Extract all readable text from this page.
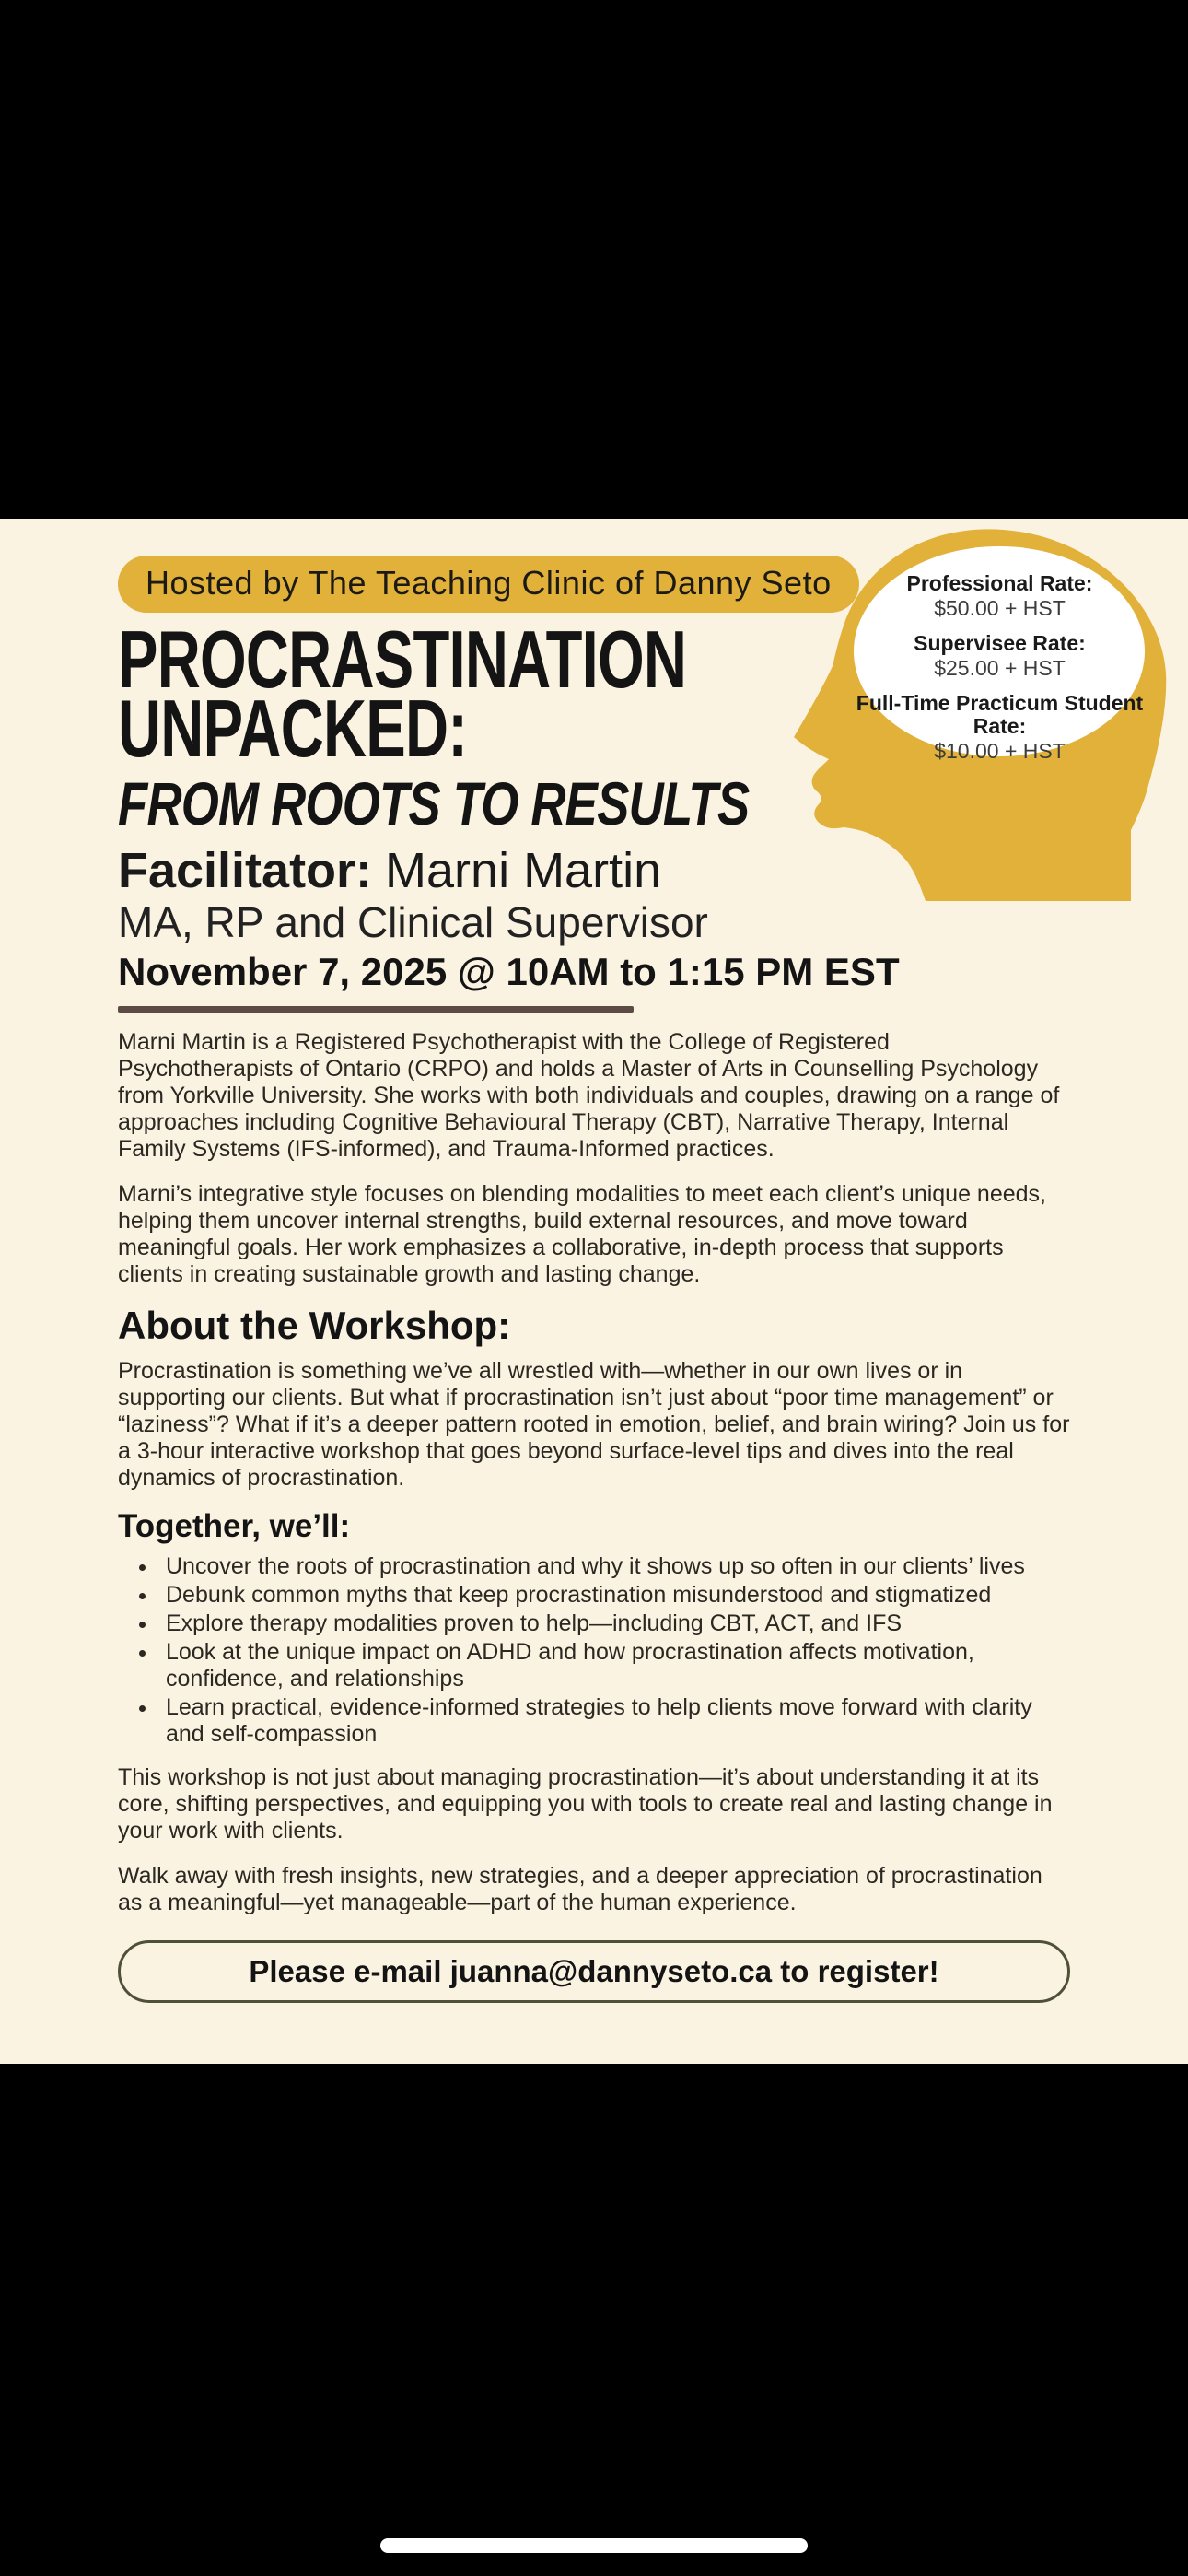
Professional Rate:
$50.00 + HST
Supervisee Rate:
$25.00 + HST
Full-Time Practicum Student Rate:
$10.00 + HST
Hosted by The Teaching Clinic of Danny Seto
PROCRASTINATION
UNPACKED:
FROM ROOTS TO RESULTS
Facilitator: Marni Martin
MA, RP and Clinical Supervisor
November 7, 2025 @ 10AM to 1:15 PM EST

Marni Martin is a Registered Psychotherapist with the College of Registered Psychotherapists of Ontario (CRPO) and holds a Master of Arts in Counselling Psychology from Yorkville University. She works with both individuals and couples, drawing on a range of approaches including Cognitive Behavioural Therapy (CBT), Narrative Therapy, Internal Family Systems (IFS-informed), and Trauma-Informed practices.

Marni’s integrative style focuses on blending modalities to meet each client’s unique needs, helping them uncover internal strengths, build external resources, and move toward meaningful goals. Her work emphasizes a collaborative, in-depth process that supports clients in creating sustainable growth and lasting change.

About the Workshop:

Procrastination is something we’ve all wrestled with—whether in our own lives or in supporting our clients. But what if procrastination isn’t just about “poor time management” or “laziness”? What if it’s a deeper pattern rooted in emotion, belief, and brain wiring? Join us for a 3-hour interactive workshop that goes beyond surface-level tips and dives into the real dynamics of procrastination.

Together, we’ll:
• Uncover the roots of procrastination and why it shows up so often in our clients’ lives
• Debunk common myths that keep procrastination misunderstood and stigmatized
• Explore therapy modalities proven to help—including CBT, ACT, and IFS
• Look at the unique impact on ADHD and how procrastination affects motivation, confidence, and relationships
• Learn practical, evidence-informed strategies to help clients move forward with clarity and self-compassion

This workshop is not just about managing procrastination—it’s about understanding it at its core, shifting perspectives, and equipping you with tools to create real and lasting change in your work with clients.

Walk away with fresh insights, new strategies, and a deeper appreciation of procrastination as a meaningful—yet manageable—part of the human experience.

Please e-mail juanna@dannyseto.ca to register!
